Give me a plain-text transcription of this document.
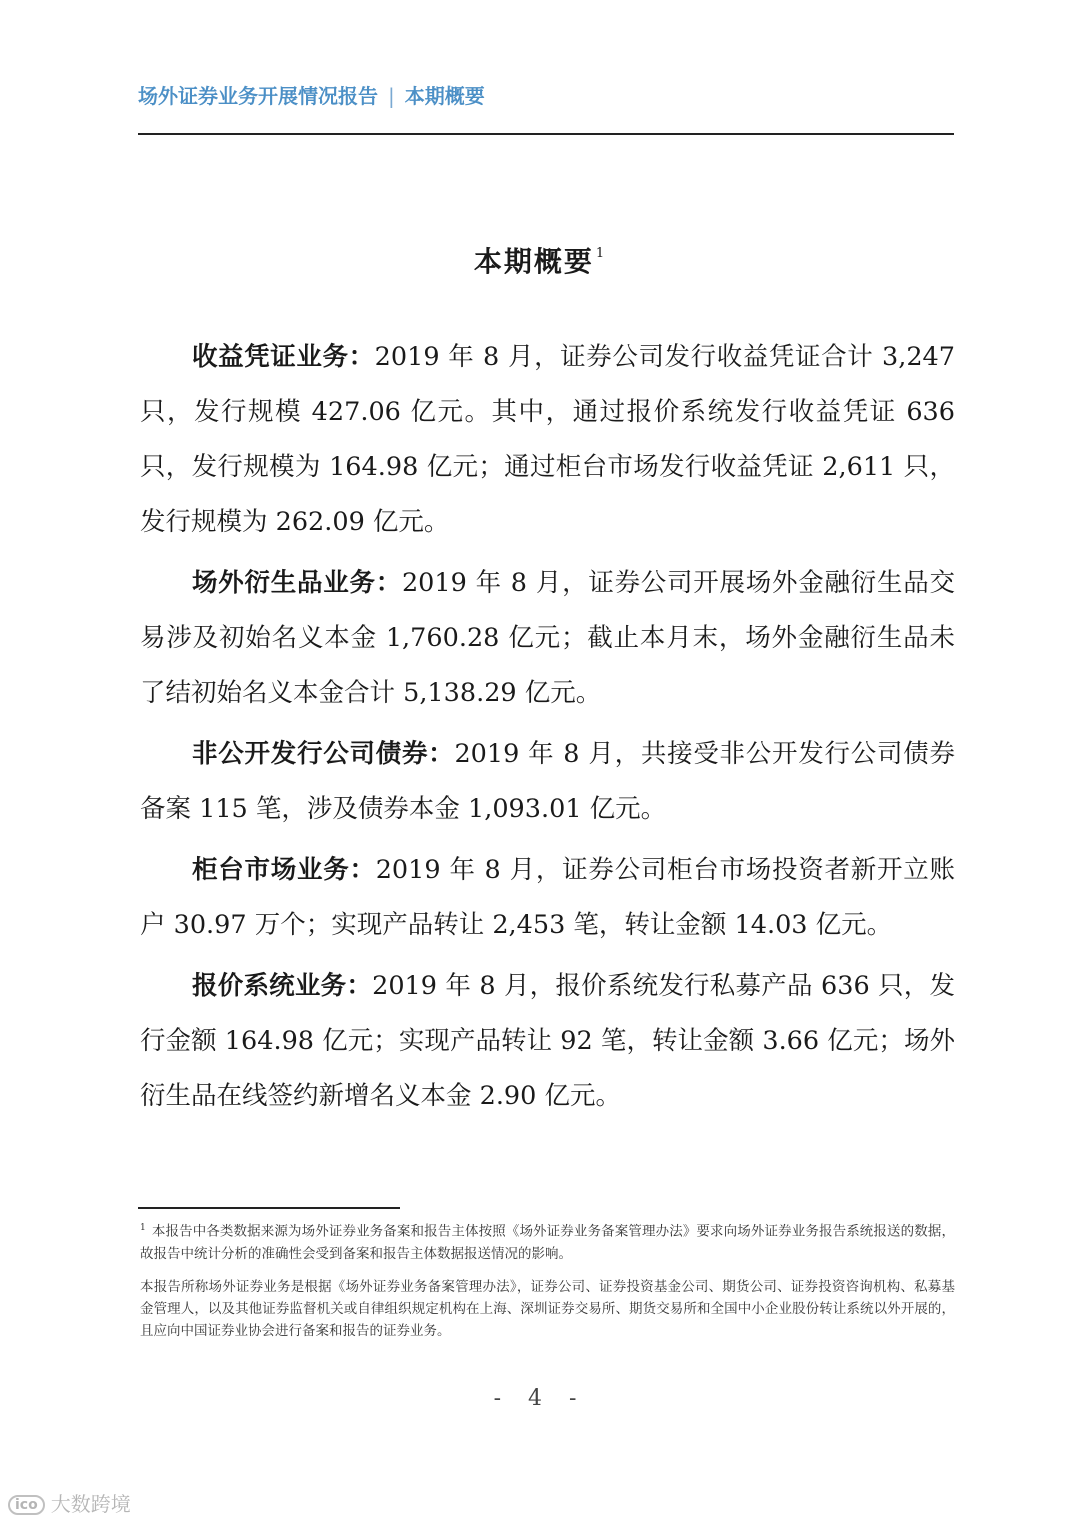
场外证券业务开展情况报告 | 本期概要
本期概要 $^1$

收益凭证业务：2019 年 8 月，证券公司发行收益凭证合计 3,247 只，发行规模 427.06 亿元。其中，通过报价系统发行收益凭证 636 只，发行规模为 164.98 亿元；通过柜台市场发行收益凭证 2,611 只，发行规模为 262.09 亿元。

场外衍生品业务：2019 年 8 月，证券公司开展场外金融衍生品交易涉及初始名义本金 1,760.28 亿元；截止本月末，场外金融衍生品未了结初始名义本金合计 5,138.29 亿元。

非公开发行公司债券：2019 年 8 月，共接受非公开发行公司债券备案 115 笔，涉及债券本金 1,093.01 亿元。

柜台市场业务：2019 年 8 月，证券公司柜台市场投资者新开立账户 30.97 万个；实现产品转让 2,453 笔，转让金额 14.03 亿元。

报价系统业务：2019 年 8 月，报价系统发行私募产品 636 只，发行金额 164.98 亿元；实现产品转让 92 笔，转让金额 3.66 亿元；场外衍生品在线签约新增名义本金 2.90 亿元。

$^1$ 本报告中各类数据来源为场外证券业务备案和报告主体按照《场外证券业务备案管理办法》要求向场外证券业务报告系统报送的数据，故报告中统计分析的准确性会受到备案和报告主体数据报送情况的影响。
本报告所称场外证券业务是根据《场外证券业务备案管理办法》，证券公司、证券投资基金公司、期货公司、证券投资咨询机构、私募基金管理人，以及其他证券监督机关或自律组织规定机构在上海、深圳证券交易所、期货交易所和全国中小企业股份转让系统以外开展的，且应向中国证券业协会进行备案和报告的证券业务。
- 4 -
ico 大数跨境
